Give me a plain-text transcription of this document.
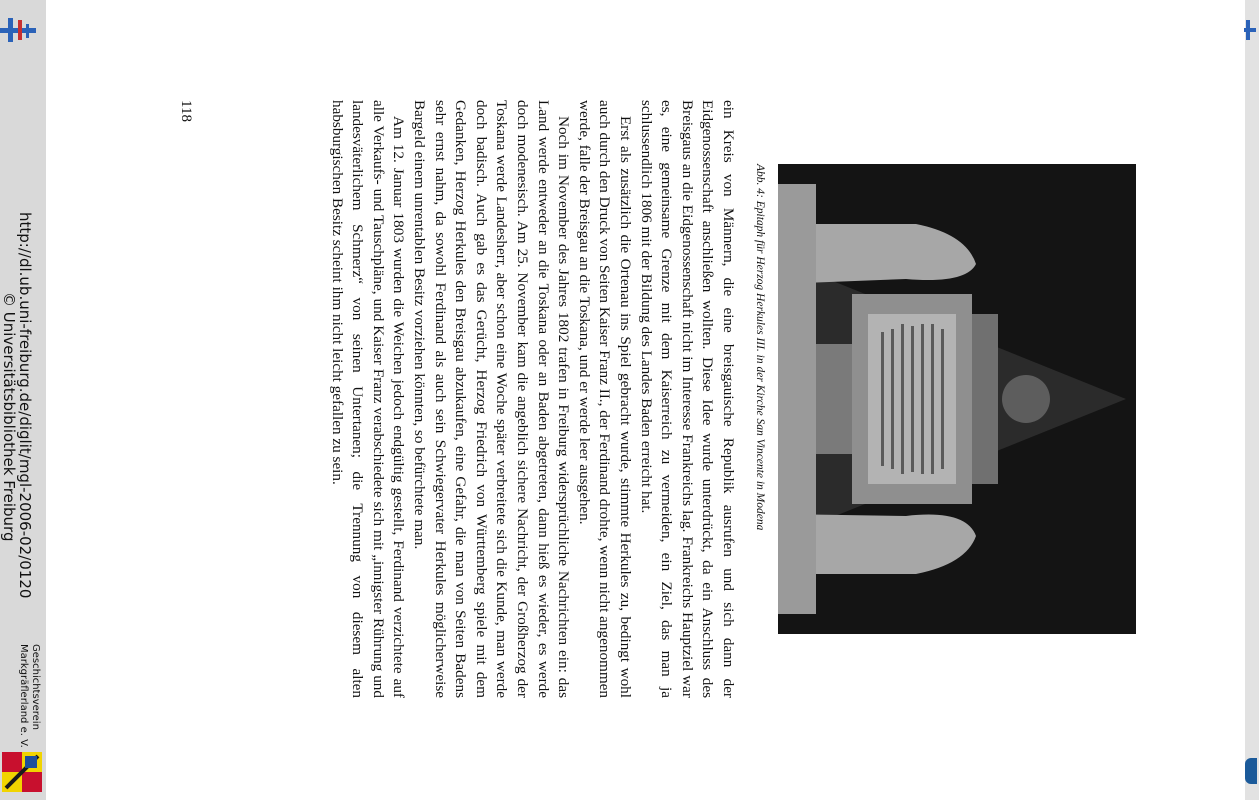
http://dl.ub.uni-freiburg.de/diglit/mgl-2006-02/0120
© Universitätsbibliothek Freiburg
Geschichtsverein
Markgräflerland e. V.
Abb. 4: Epitaph für Herzog Herkules III. in der Kirche San Vincente in Modena

ein Kreis von Männern, die eine breisgauische Republik ausrufen und sich dann der Eidgenossenschaft anschließen wollten. Diese Idee wurde unterdrückt, da ein Anschluss des Breisgaus an die Eidgenossenschaft nicht im Interesse Frankreichs lag. Frankreichs Hauptziel war es, eine gemeinsame Grenze mit dem Kaiserreich zu vermeiden, ein Ziel, das man ja schlussendlich 1806 mit der Bildung des Landes Baden erreicht hat.

Erst als zusätzlich die Ortenau ins Spiel gebracht wurde, stimmte Herkules zu, bedingt wohl auch durch den Druck von Seiten Kaiser Franz II., der Ferdinand drohte, wenn nicht angenommen werde, falle der Breisgau an die Toskana, und er werde leer ausgehen.

Noch im November des Jahres 1802 trafen in Freiburg widersprüchliche Nachrichten ein: das Land werde entweder an die Toskana oder an Baden abgetreten, dann hieß es wieder, es werde doch modenesisch. Am 25. November kam die angeblich sichere Nachricht, der Großherzog der Toskana werde Landesherr, aber schon eine Woche später verbreitete sich die Kunde, man werde doch badisch. Auch gab es das Gerücht, Herzog Friedrich von Württemberg spiele mit dem Gedanken, Herzog Herkules den Breisgau abzukaufen, eine Gefahr, die man von Seiten Badens sehr ernst nahm, da sowohl Ferdinand als auch sein Schwiegervater Herkules möglicherweise Bargeld einem unrentablen Besitz vorziehen könnten, so befürchtete man.

Am 12. Januar 1803 wurden die Weichen jedoch endgültig gestellt, Ferdinand verzichtete auf alle Verkaufs- und Tauschpläne, und Kaiser Franz verabschiedete sich mit „innigster Rührung und landesväterlichem Schmerz“ von seinen Untertanen; die Trennung von diesem alten habsburgischen Besitz scheint ihm nicht leicht gefallen zu sein.

118
